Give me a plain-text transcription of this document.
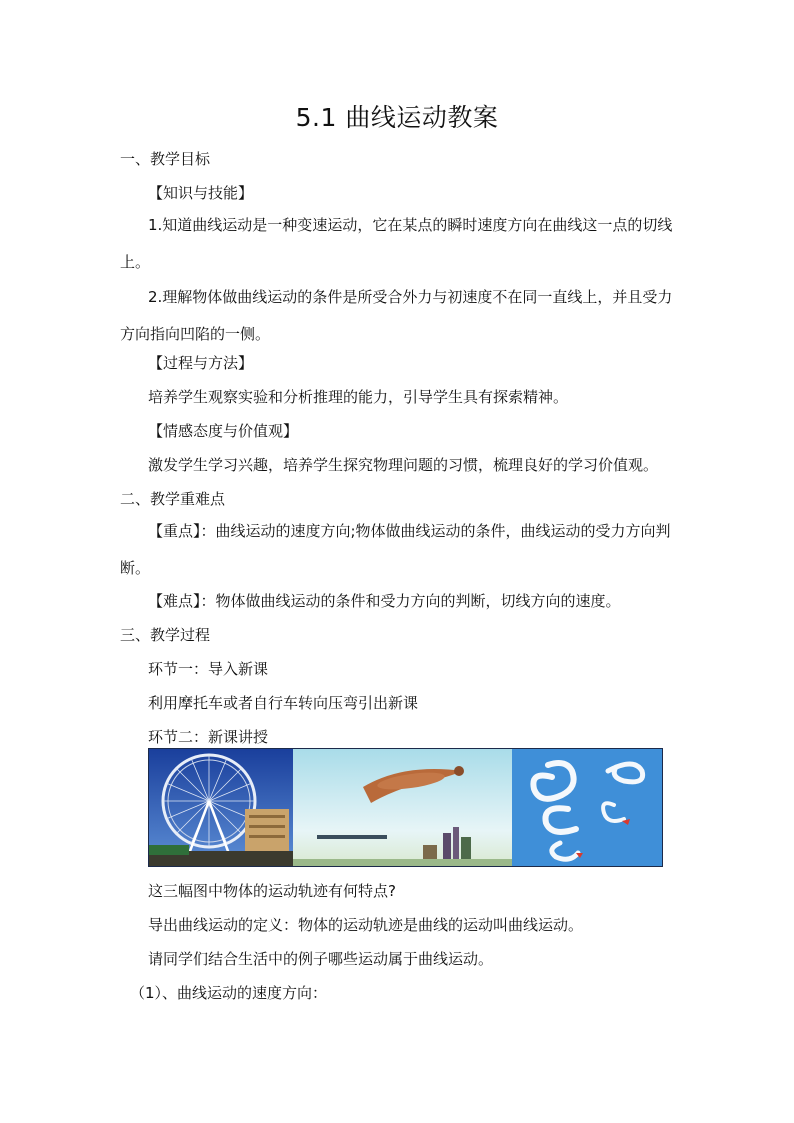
5.1 曲线运动教案
一、教学目标
【知识与技能】
1.知道曲线运动是一种变速运动，它在某点的瞬时速度方向在曲线这一点的切线上。
2.理解物体做曲线运动的条件是所受合外力与初速度不在同一直线上，并且受力方向指向凹陷的一侧。
【过程与方法】
培养学生观察实验和分析推理的能力，引导学生具有探索精神。
【情感态度与价值观】
激发学生学习兴趣，培养学生探究物理问题的习惯，梳理良好的学习价值观。
二、教学重难点
【重点】：曲线运动的速度方向;物体做曲线运动的条件，曲线运动的受力方向判断。
【难点】：物体做曲线运动的条件和受力方向的判断，切线方向的速度。
三、教学过程
环节一：导入新课
利用摩托车或者自行车转向压弯引出新课
环节二：新课讲授
这三幅图中物体的运动轨迹有何特点?
导出曲线运动的定义：物体的运动轨迹是曲线的运动叫曲线运动。
请同学们结合生活中的例子哪些运动属于曲线运动。
（1）、曲线运动的速度方向：
